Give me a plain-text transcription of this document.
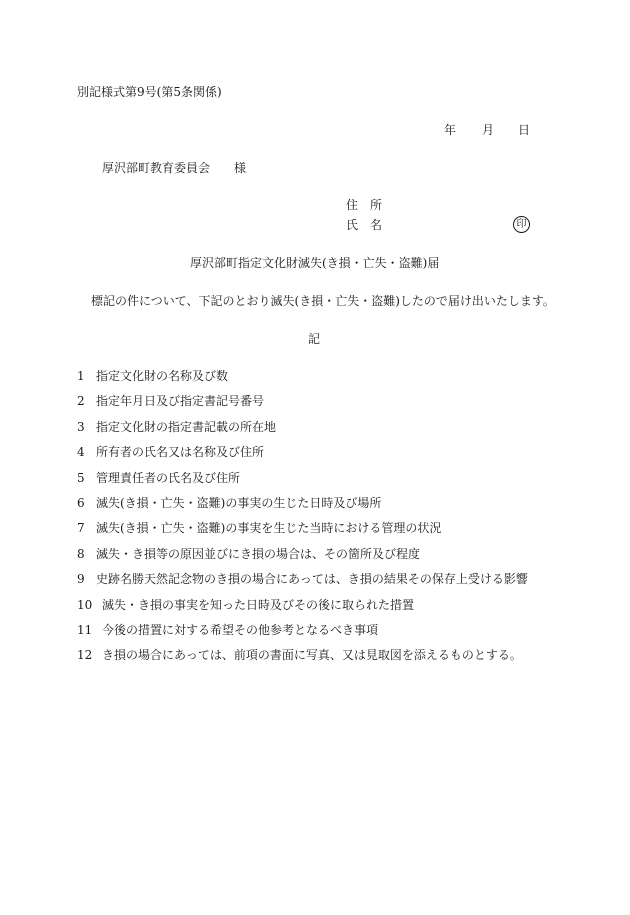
別記様式第9号(第5条関係)
年 月 日
厚沢部町教育委員会 様
住　所
氏　名	印
厚沢部町指定文化財滅失(き損・亡失・盗難)届
標記の件について、下記のとおり滅失(き損・亡失・盗難)したので届け出いたします。
記
1 指定文化財の名称及び数
2 指定年月日及び指定書記号番号
3 指定文化財の指定書記載の所在地
4 所有者の氏名又は名称及び住所
5 管理責任者の氏名及び住所
6 滅失(き損・亡失・盗難)の事実の生じた日時及び場所
7 滅失(き損・亡失・盗難)の事実を生じた当時における管理の状況
8 滅失・き損等の原因並びにき損の場合は、その箇所及び程度
9 史跡名勝天然記念物のき損の場合にあっては、き損の結果その保存上受ける影響
10 滅失・き損の事実を知った日時及びその後に取られた措置
11 今後の措置に対する希望その他参考となるべき事項
12 き損の場合にあっては、前項の書面に写真、又は見取図を添えるものとする。
